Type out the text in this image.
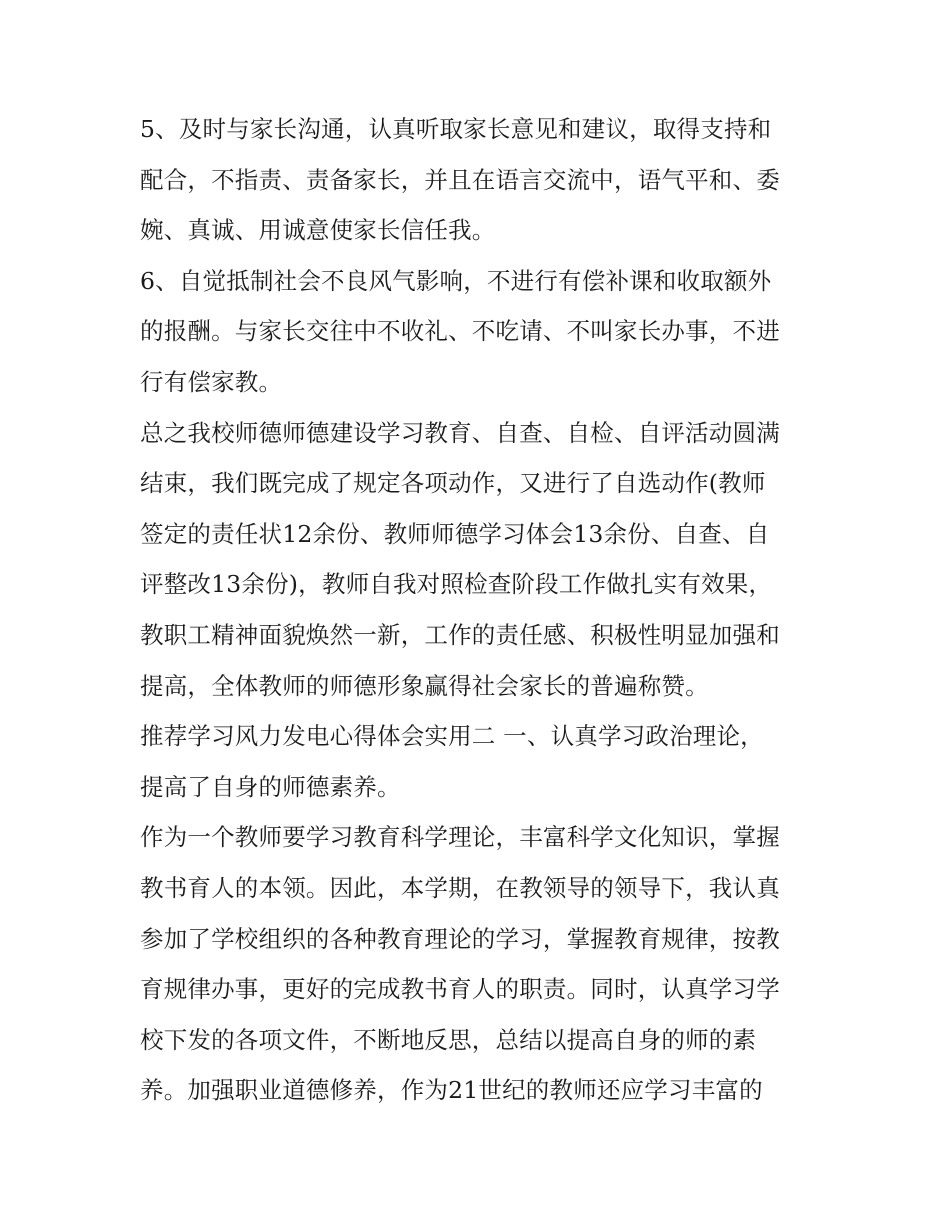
5、及时与家长沟通，认真听取家长意见和建议，取得支持和
配合，不指责、责备家长，并且在语言交流中，语气平和、委
婉、真诚、用诚意使家长信任我。
6、自觉抵制社会不良风气影响，不进行有偿补课和收取额外
的报酬。与家长交往中不收礼、不吃请、不叫家长办事，不进
行有偿家教。
总之我校师德师德建设学习教育、自查、自检、自评活动圆满
结束，我们既完成了规定各项动作，又进行了自选动作(教师
签定的责任状12余份、教师师德学习体会13余份、自查、自
评整改13余份)，教师自我对照检查阶段工作做扎实有效果，
教职工精神面貌焕然一新，工作的责任感、积极性明显加强和
提高，全体教师的师德形象赢得社会家长的普遍称赞。
推荐学习风力发电心得体会实用二 一、认真学习政治理论，
提高了自身的师德素养。
作为一个教师要学习教育科学理论，丰富科学文化知识，掌握
教书育人的本领。因此，本学期，在教领导的领导下，我认真
参加了学校组织的各种教育理论的学习，掌握教育规律，按教
育规律办事，更好的完成教书育人的职责。同时，认真学习学
校下发的各项文件，不断地反思，总结以提高自身的师的素
养。加强职业道德修养，作为21世纪的教师还应学习丰富的
